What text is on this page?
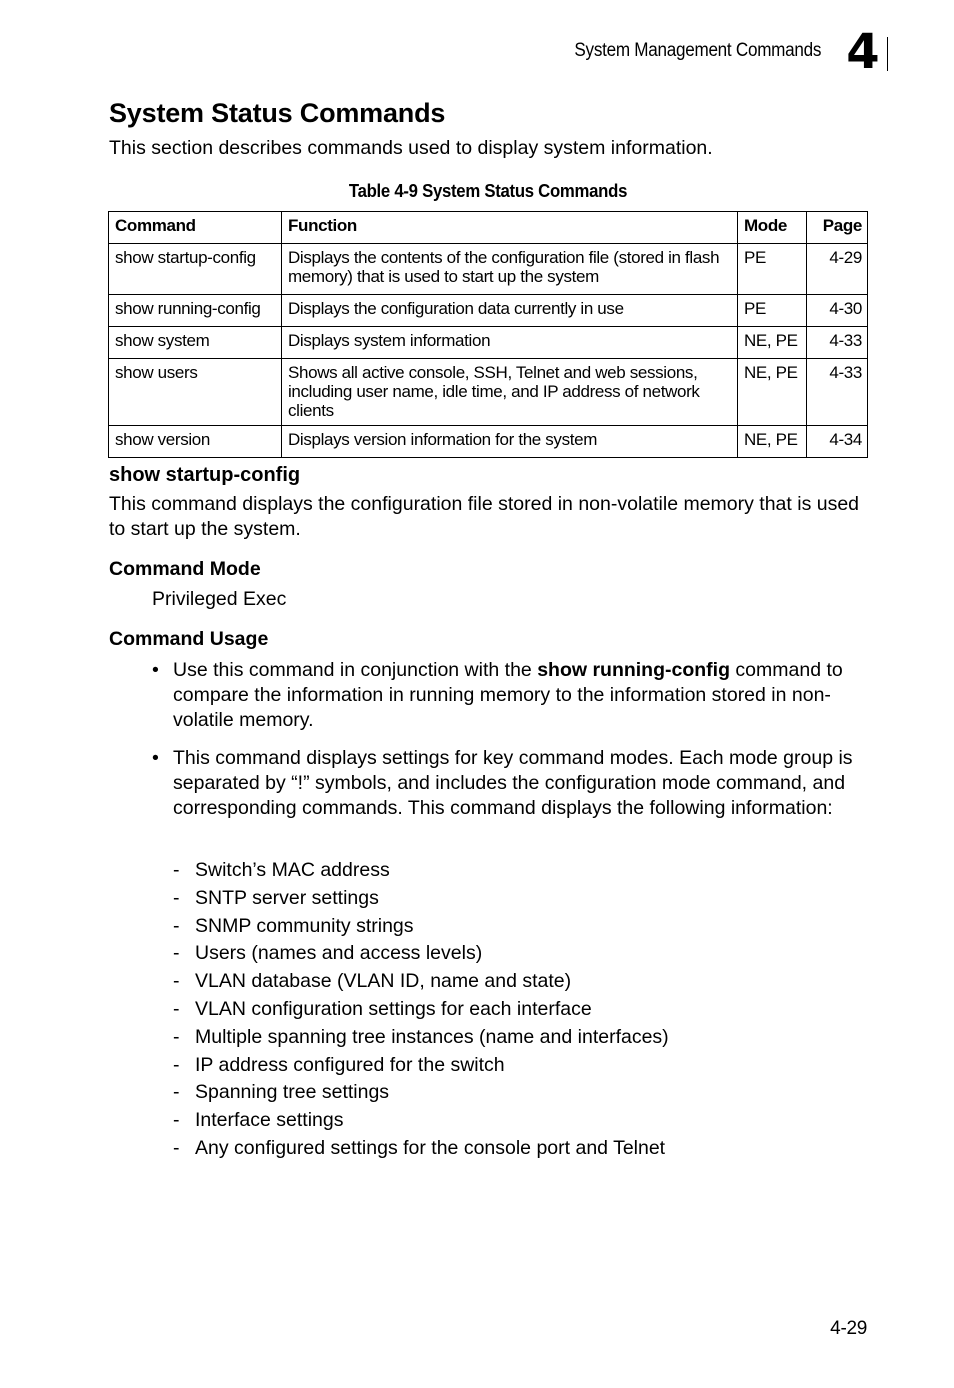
System Management Commands 4
System Status Commands

This section describes commands used to display system information.

Table 4-9 System Status Commands
Command	Function	Mode	Page
show startup-config	Displays the contents of the configuration file (stored in flash memory) that is used to start up the system	PE	4-29
show running-config	Displays the configuration data currently in use	PE	4-30
show system	Displays system information	NE, PE	4-33
show users	Shows all active console, SSH, Telnet and web sessions, including user name, idle time, and IP address of network clients	NE, PE	4-33
show version	Displays version information for the system	NE, PE	4-34
show startup-config

This command displays the configuration file stored in non-volatile memory that is used to start up the system.

Command Mode
Privileged Exec
Command Usage
• Use this command in conjunction with the show running-config command to compare the information in running memory to the information stored in non-volatile memory.
• This command displays settings for key command modes. Each mode group is separated by “!” symbols, and includes the configuration mode command, and corresponding commands. This command displays the following information:
- Switch’s MAC address
- SNTP server settings
- SNMP community strings
- Users (names and access levels)
- VLAN database (VLAN ID, name and state)
- VLAN configuration settings for each interface
- Multiple spanning tree instances (name and interfaces)
- IP address configured for the switch
- Spanning tree settings
- Interface settings
- Any configured settings for the console port and Telnet
4-29
